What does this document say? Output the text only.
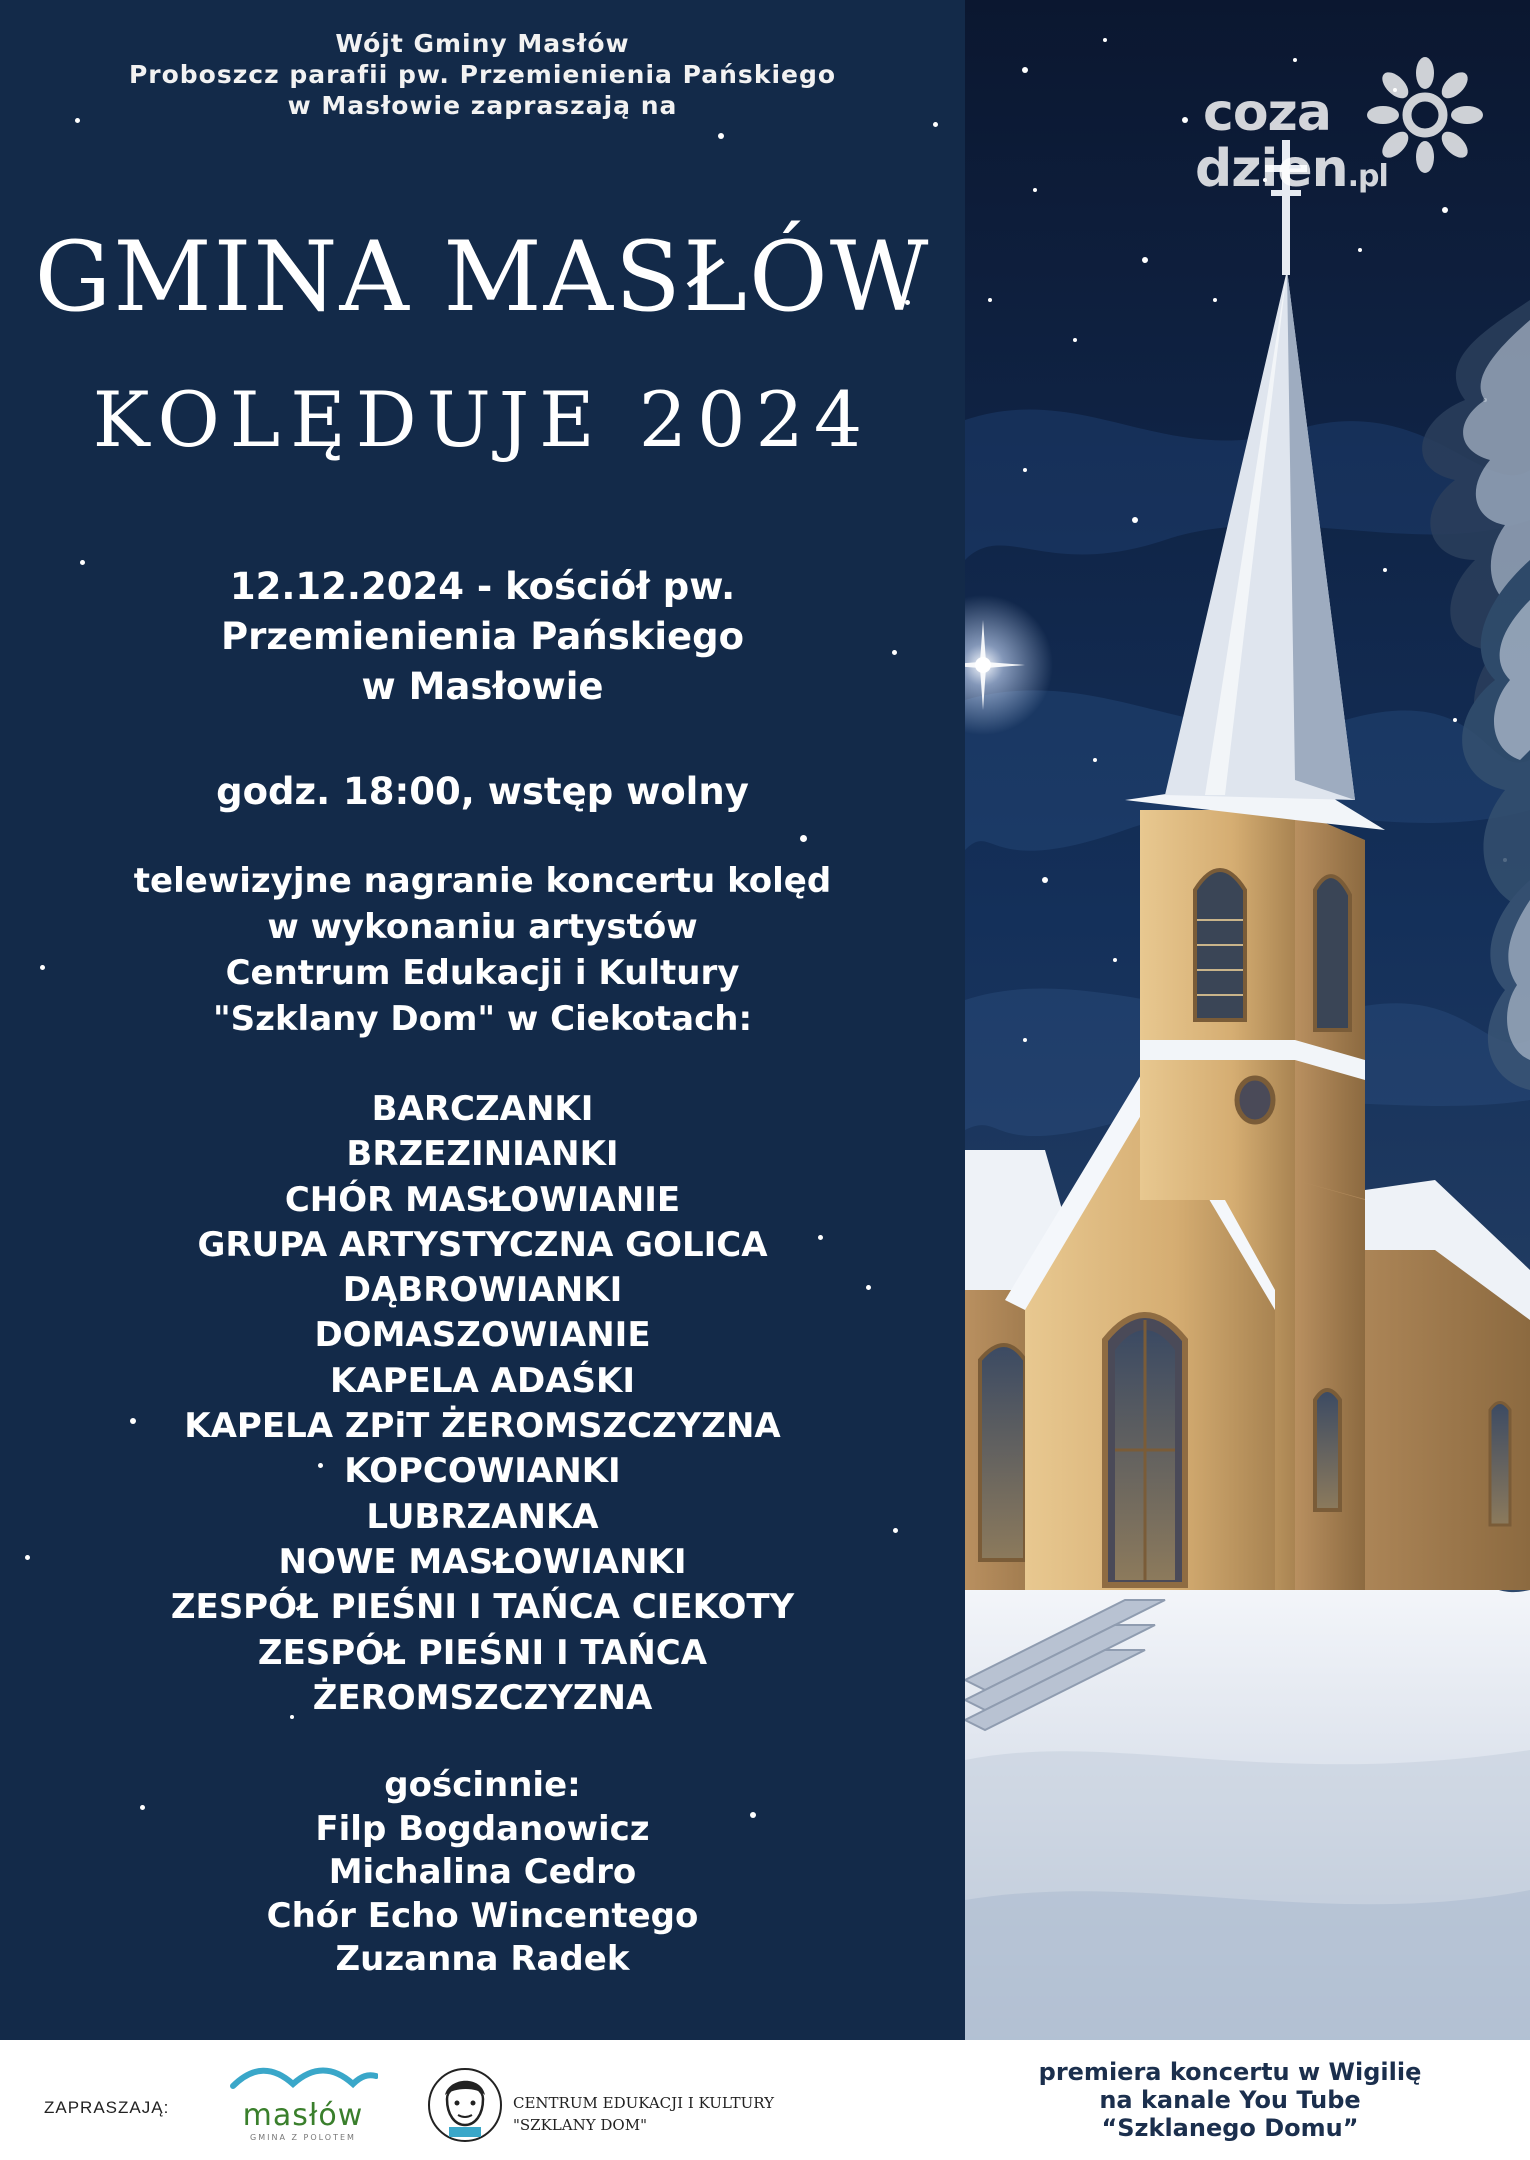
Wójt Gminy Masłów
Proboszcz parafii pw. Przemienienia Pańskiego
w Masłowie zapraszają na
GMINA MASŁÓW
KOLĘDUJE 2024
12.12.2024 - kościół pw.
Przemienienia Pańskiego
w Masłowie
godz. 18:00, wstęp wolny
telewizyjne nagranie koncertu kolęd
w wykonaniu artystów
Centrum Edukacji i Kultury
"Szklany Dom" w Ciekotach:
BARCZANKI
BRZEZINIANKI
CHÓR MASŁOWIANIE
GRUPA ARTYSTYCZNA GOLICA
DĄBROWIANKI
DOMASZOWIANIE
KAPELA ADAŚKI
KAPELA ZPiT ŻEROMSZCZYZNA
KOPCOWIANKI
LUBRZANKA
NOWE MASŁOWIANKI
ZESPÓŁ PIEŚNI I TAŃCA CIEKOTY
ZESPÓŁ PIEŚNI I TAŃCA
ŻEROMSZCZYZNA
gościnnie:
Filp Bogdanowicz
Michalina Cedro
Chór Echo Wincentego
Zuzanna Radek
coza
dzien.pl
ZAPRASZAJĄ:	masłów
GMINA Z POLOTEM
CENTRUM EDUKACJI I KULTURY
"SZKLANY DOM"
premiera koncertu w Wigilię
na kanale You Tube
“Szklanego Domu”
